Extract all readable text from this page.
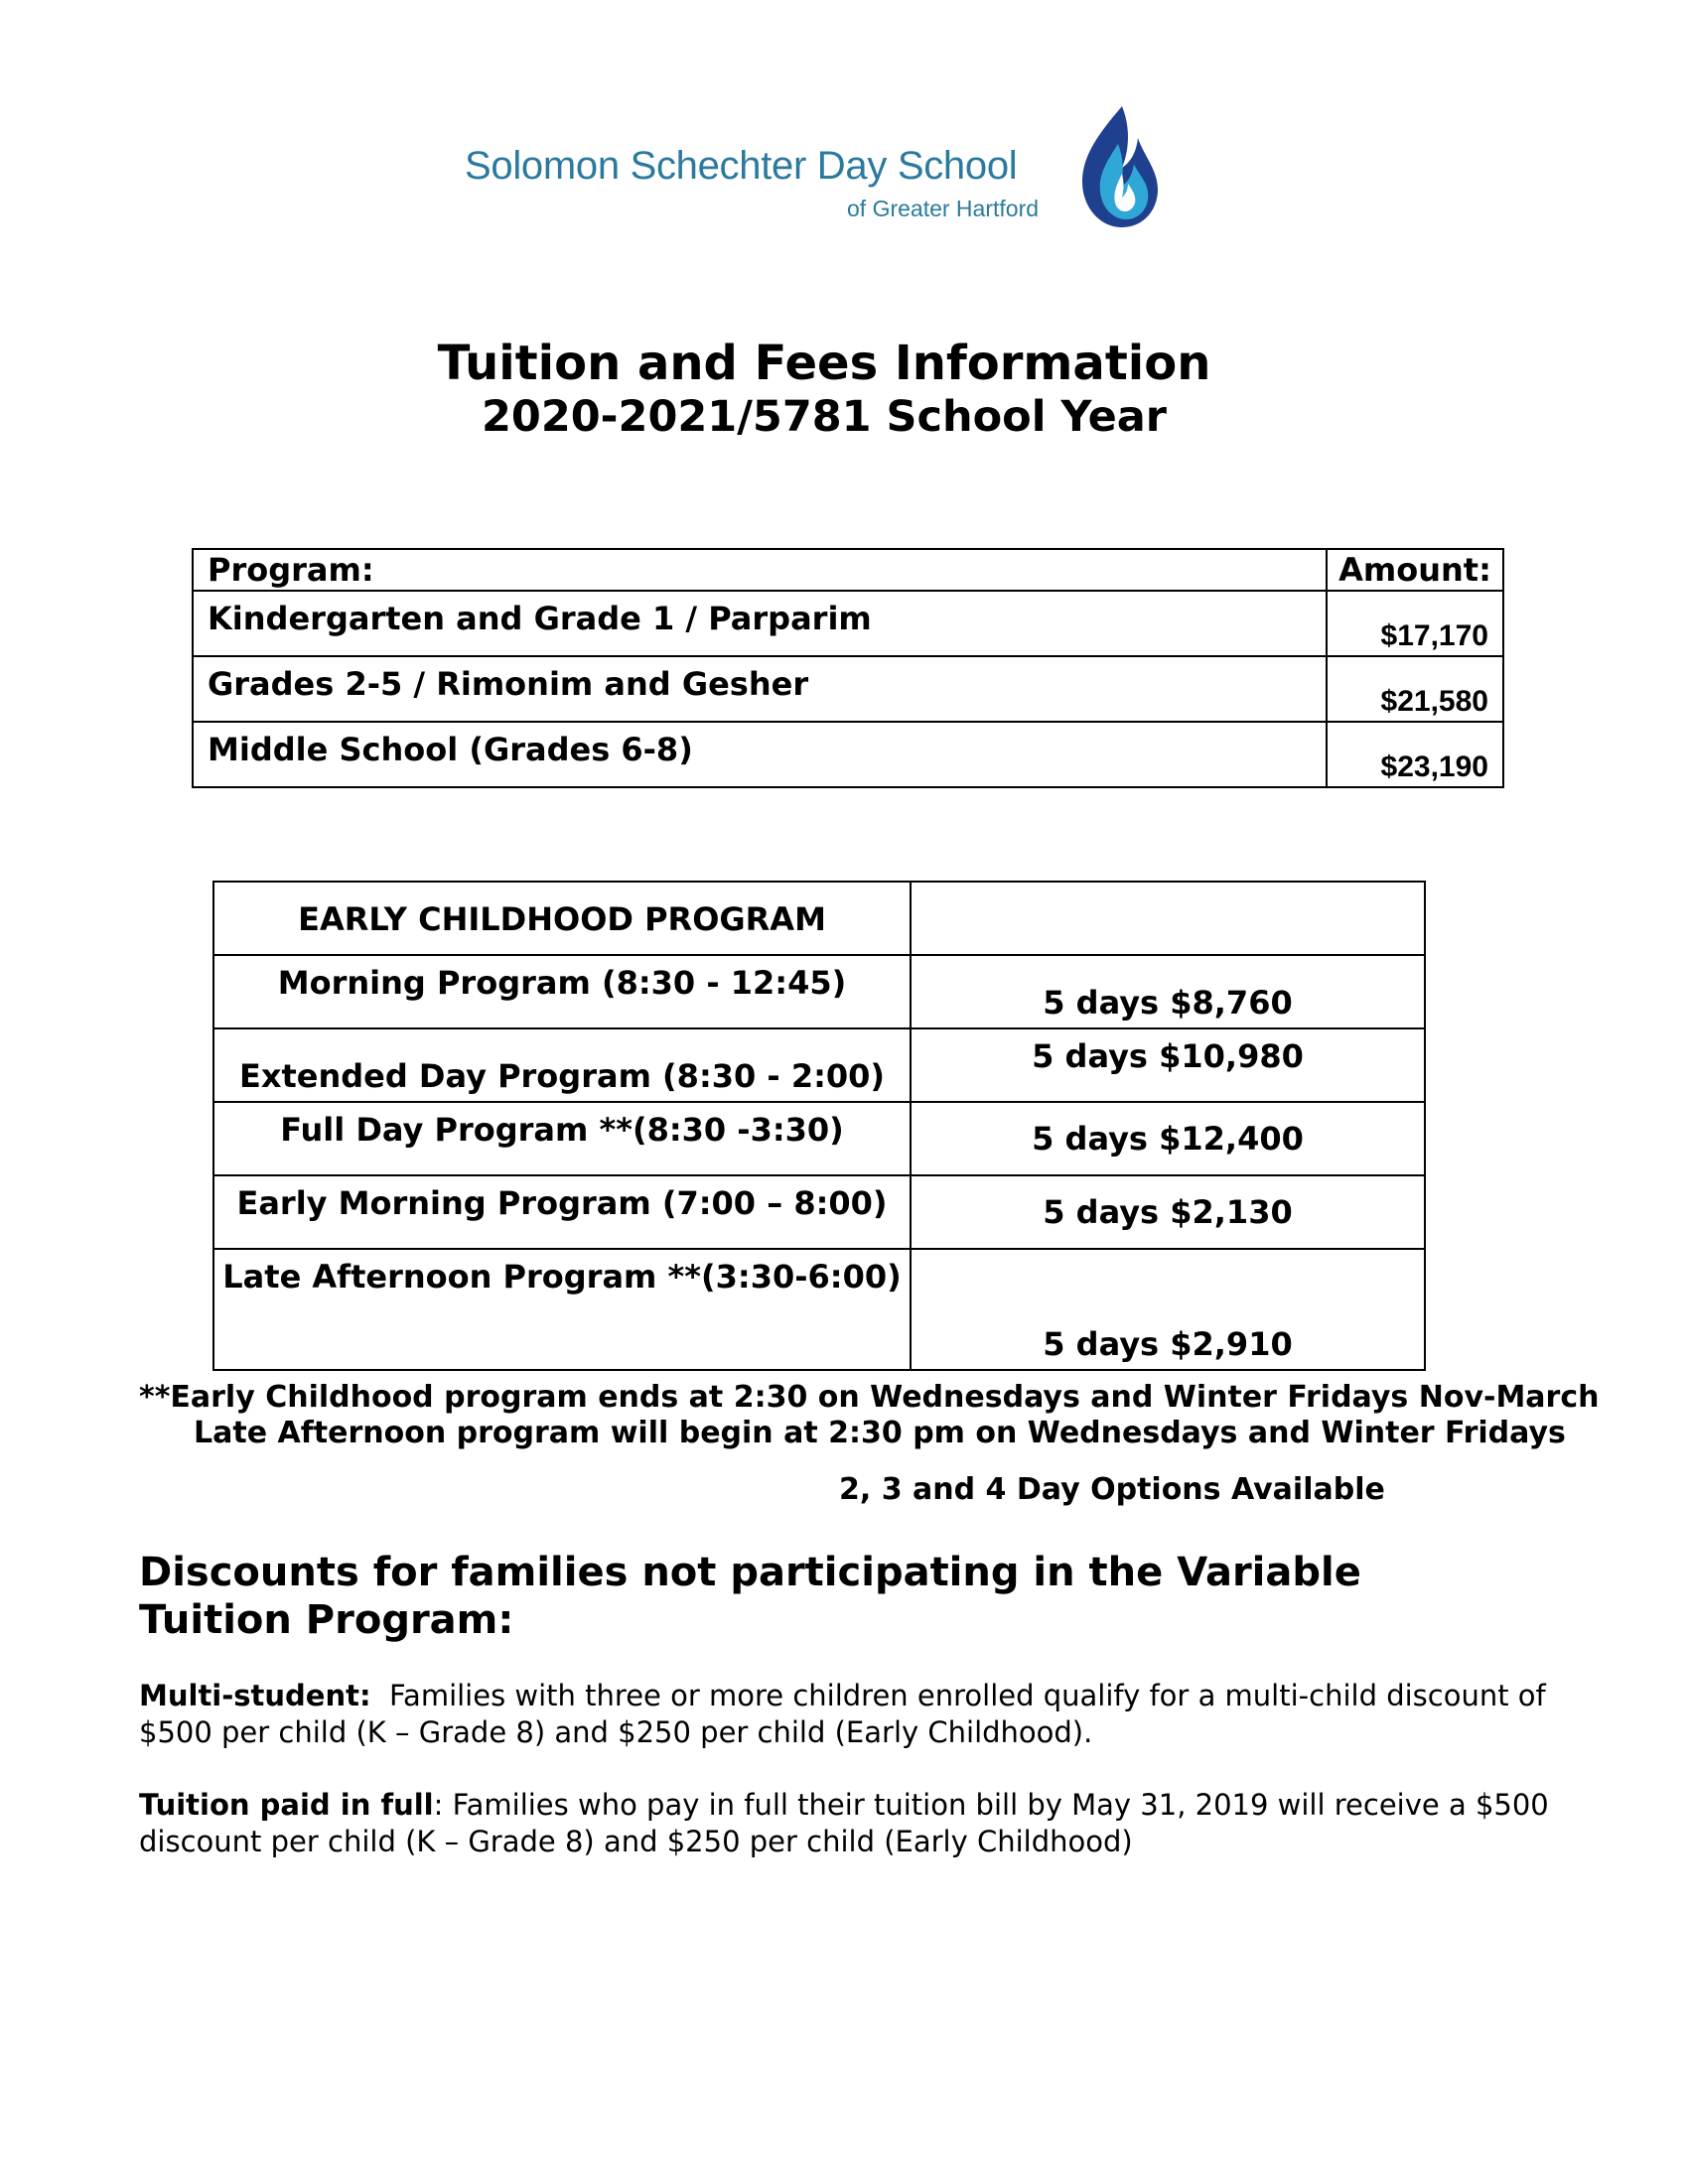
Solomon Schechter Day School
of Greater Hartford
Tuition and Fees Information
2020-2021/5781 School Year
Program:	Amount:
Kindergarten and Grade 1 / Parparim	$17,170
Grades 2-5 / Rimonim and Gesher	$21,580
Middle School (Grades 6-8)	$23,190
EARLY CHILDHOOD PROGRAM	
Morning Program (8:30 - 12:45)	5 days $8,760
Extended Day Program (8:30 - 2:00)	5 days $10,980
Full Day Program **(8:30 -3:30)	5 days $12,400
Early Morning Program (7:00 – 8:00)	5 days $2,130
Late Afternoon Program **(3:30-6:00)	5 days $2,910
**Early Childhood program ends at 2:30 on Wednesdays and Winter Fridays Nov-March
Late Afternoon program will begin at 2:30 pm on Wednesdays and Winter Fridays
2, 3 and 4 Day Options Available
Discounts for families not participating in the Variable Tuition Program:
Multi-student: Families with three or more children enrolled qualify for a multi-child discount of $500 per child (K – Grade 8) and $250 per child (Early Childhood).
Tuition paid in full: Families who pay in full their tuition bill by May 31, 2019 will receive a $500 discount per child (K – Grade 8) and $250 per child (Early Childhood)
